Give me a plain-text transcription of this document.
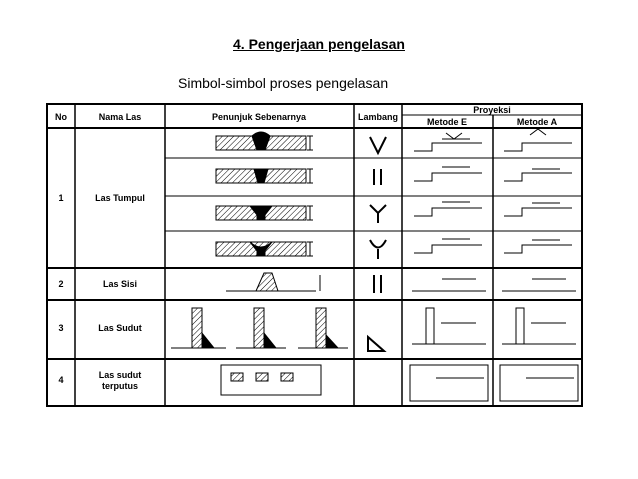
4. Pengerjaan pengelasan
Simbol-simbol proses pengelasan
No	Nama Las	Penunjuk Sebenarnya	Lambang
Proyeksi
Metode E	Metode A
1	Las Tumpul
2	Las Sisi
3	Las Sudut
4	Las sudut
terputus
